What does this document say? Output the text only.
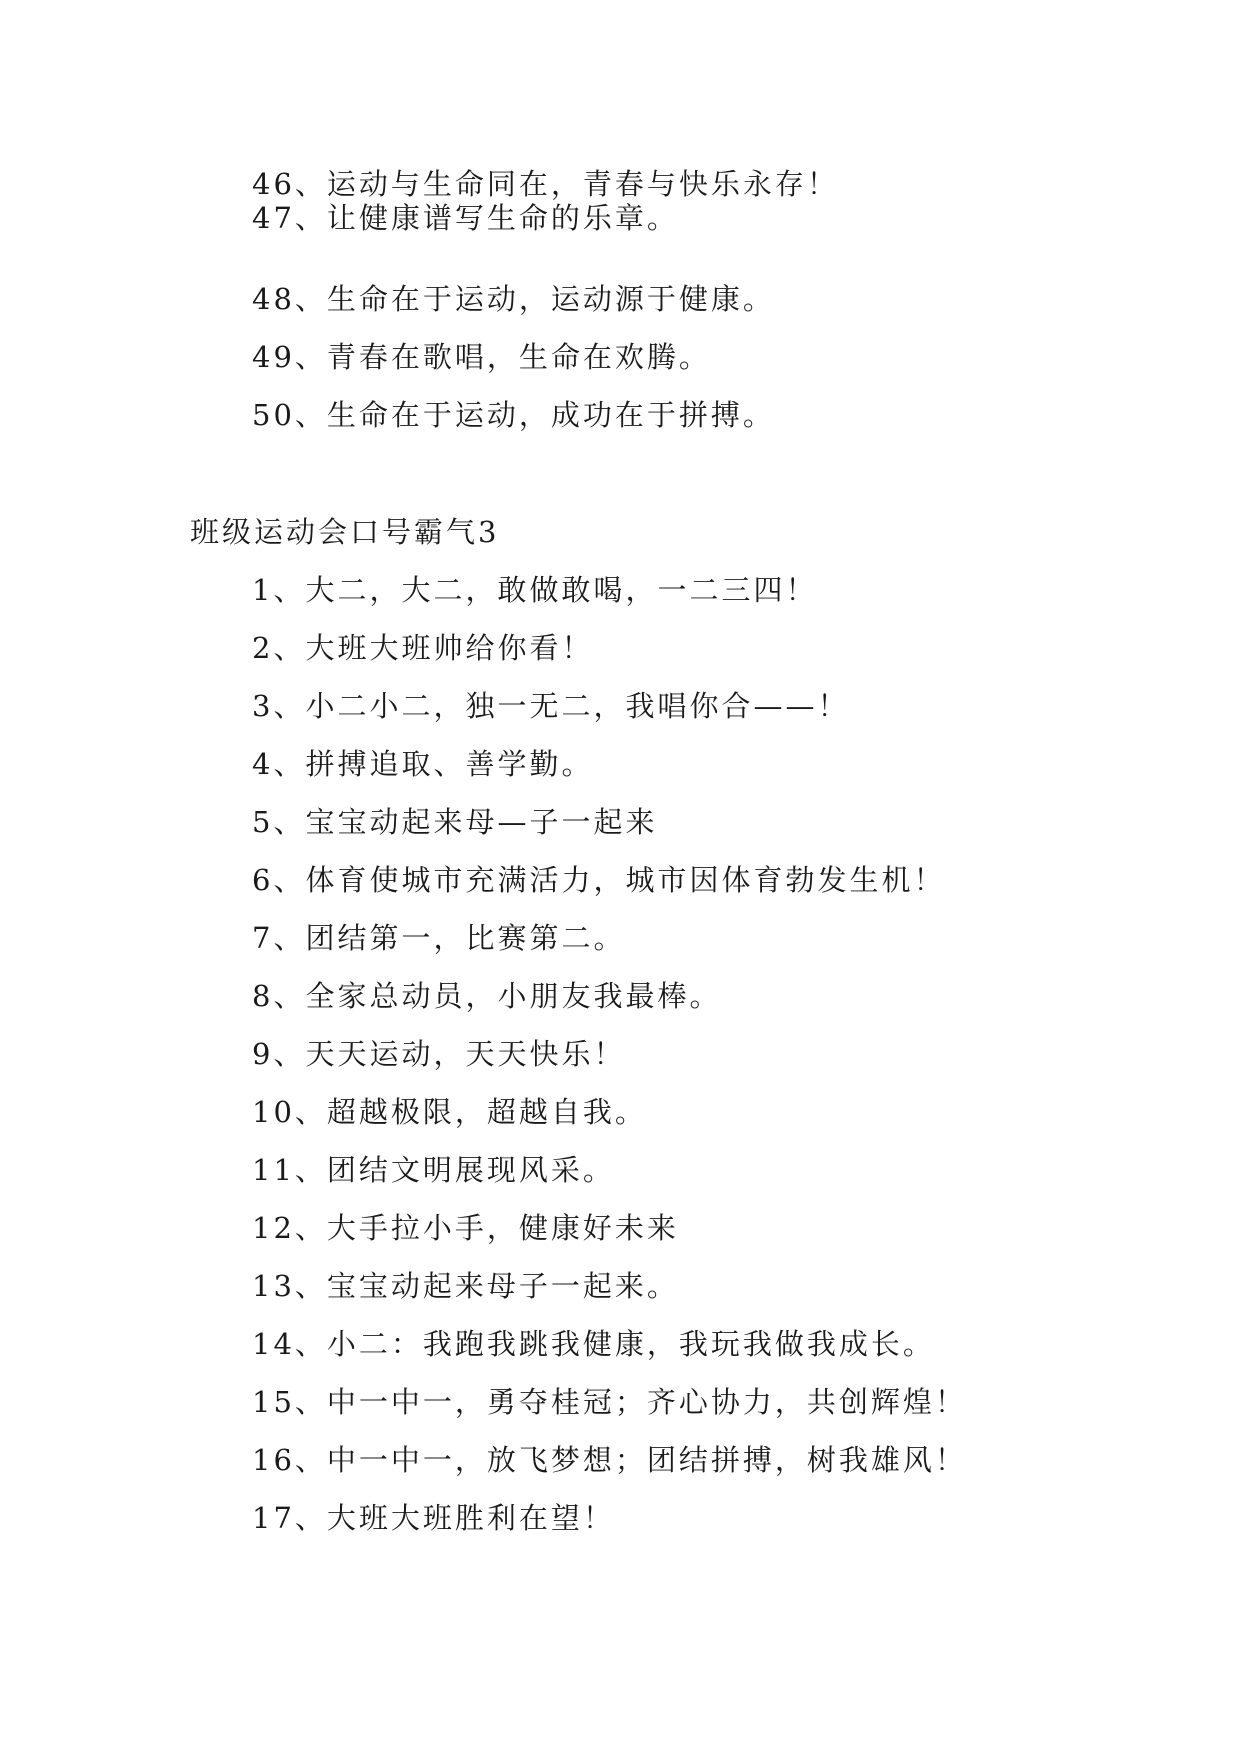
46、运动与生命同在，青春与快乐永存！
47、让健康谱写生命的乐章。
48、生命在于运动，运动源于健康。
49、青春在歌唱，生命在欢腾。
50、生命在于运动，成功在于拼搏。
班级运动会口号霸气3
1、大二，大二，敢做敢喝，一二三四！
2、大班大班帅给你看！
3、小二小二，独一无二，我唱你合——！
4、拼搏追取、善学勤。
5、宝宝动起来母—子一起来
6、体育使城市充满活力，城市因体育勃发生机！
7、团结第一，比赛第二。
8、全家总动员，小朋友我最棒。
9、天天运动，天天快乐！
10、超越极限，超越自我。
11、团结文明展现风采。
12、大手拉小手，健康好未来
13、宝宝动起来母子一起来。
14、小二：我跑我跳我健康，我玩我做我成长。
15、中一中一，勇夺桂冠；齐心协力，共创辉煌！
16、中一中一，放飞梦想；团结拼搏，树我雄风！
17、大班大班胜利在望！
